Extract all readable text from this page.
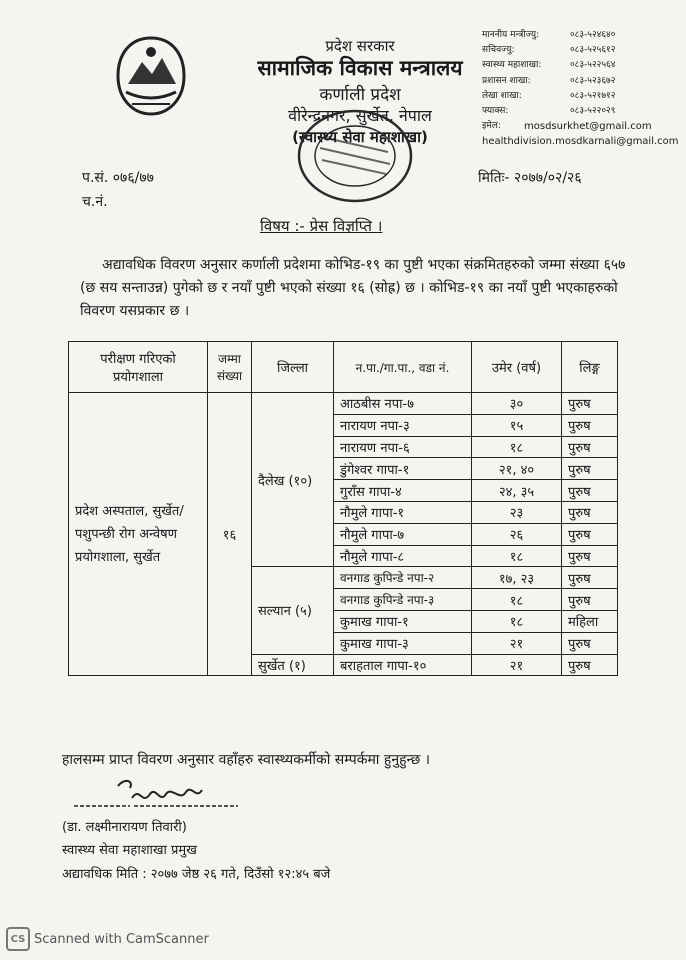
प्रदेश सरकार
सामाजिक विकास मन्त्रालय
कर्णाली प्रदेश
वीरेन्द्रनगर, सुर्खेत, नेपाल
(स्वास्थ्य सेवा महाशाखा)
माननीय मन्त्रीज्यु:	०८३-५२४६४०
सचिवज्यु:	०८३-५२५६१२
स्वास्थ्य महाशाखा:	०८३-५२२५६४
प्रशासन शाखा:	०८३-५२३६७२
लेखा शाखा:	०८३-५२१७१२
फ्याक्स:	०८३-५२२०२९
इमेल:	mosdsurkhet@gmail.com
healthdivision.mosdkarnali@gmail.com
प.सं. ०७६/७७
च.नं.
मितिः- २०७७/०२/२६
विषय :- प्रेस विज्ञप्ति ।
अद्यावधिक विवरण अनुसार कर्णाली प्रदेशमा कोभिड-१९ का पुष्टी भएका संक्रमितहरुको जम्मा संख्या ६५७ (छ सय सन्ताउन्न) पुगेको छ र नयाँ पुष्टी भएको संख्या १६ (सोह्र) छ । कोभिड-१९ का नयाँ पुष्टी भएकाहरुको विवरण यसप्रकार छ ।
परीक्षण गरिएको प्रयोगशाला	जम्मा संख्या	जिल्ला	न.पा./गा.पा., वडा नं.	उमेर (वर्ष)	लिङ्ग
प्रदेश अस्पताल, सुर्खेत/ पशुपन्छी रोग अन्वेषण प्रयोगशाला, सुर्खेत	१६	दैलेख (१०)	आठबीस नपा-७	३०	पुरुष
			नारायण नपा-३	१५	पुरुष
			नारायण नपा-६	१८	पुरुष
			डुंगेश्वर गापा-१	२१, ४०	पुरुष
			गुराँस गापा-४	२४, ३५	पुरुष
			नौमुले गापा-१	२३	पुरुष
			नौमुले गापा-७	२६	पुरुष
			नौमुले गापा-८	१८	पुरुष
		सल्यान (५)	वनगाड कुपिन्डे नपा-२	१७, २३	पुरुष
			वनगाड कुपिन्डे नपा-३	१८	पुरुष
			कुमाख गापा-१	१८	महिला
			कुमाख गापा-३	२१	पुरुष
		सुर्खेत (१)	बराहताल गापा-१०	२१	पुरुष
हालसम्म प्राप्त विवरण अनुसार वहाँहरु स्वास्थ्यकर्मीको सम्पर्कमा हुनुहुन्छ ।
(डा. लक्ष्मीनारायण तिवारी)
स्वास्थ्य सेवा महाशाखा प्रमुख
अद्यावधिक मिति : २०७७ जेष्ठ २६ गते, दिउँसो १२:४५ बजे
CS Scanned with CamScanner
